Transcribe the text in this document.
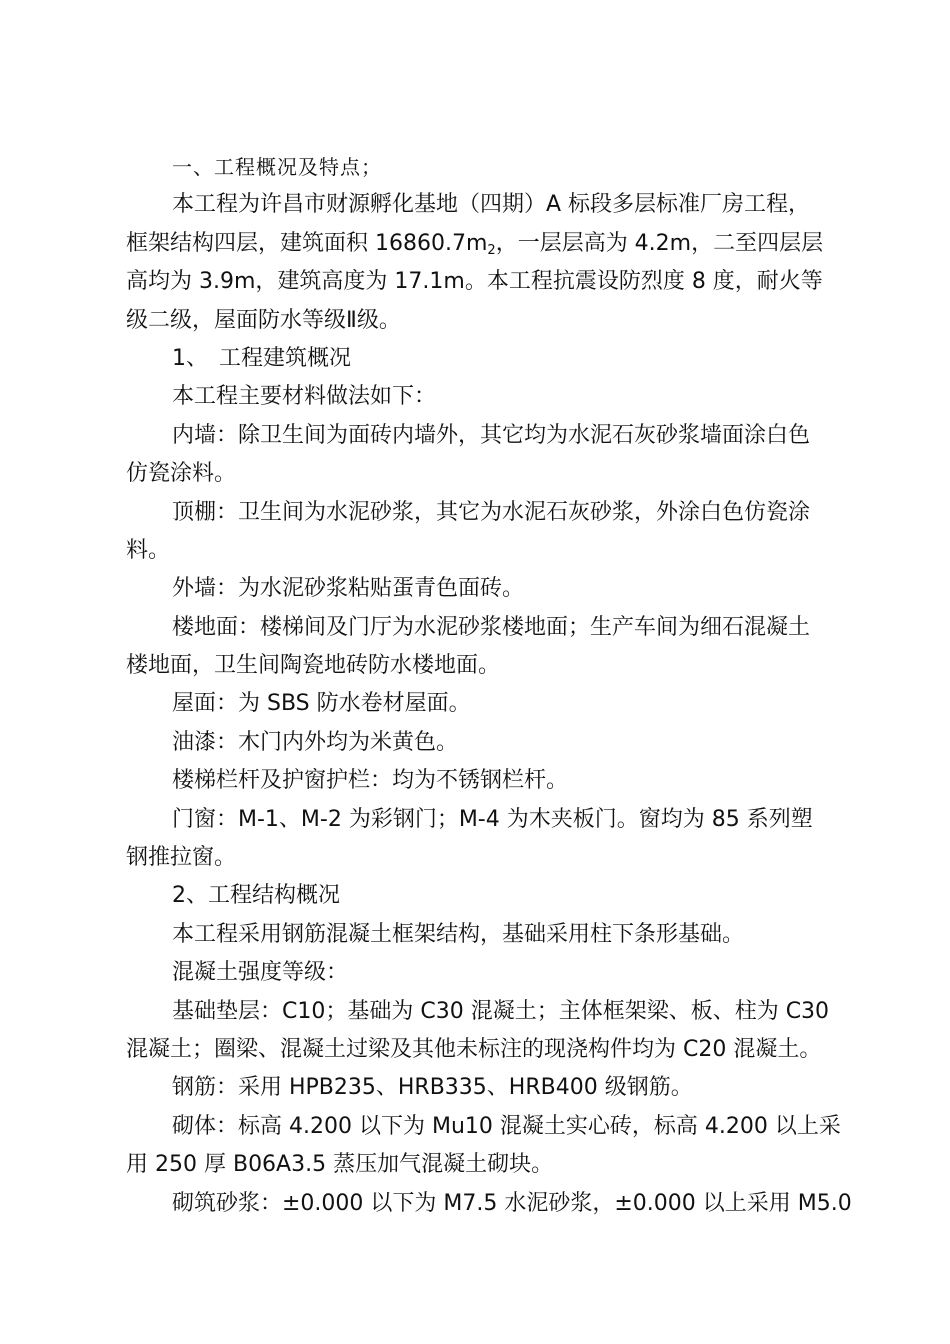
一、工程概况及特点；
本工程为许昌市财源孵化基地（四期）A 标段多层标准厂房工程，
框架结构四层，建筑面积 $16860.7m_2$，一层层高为 4.2m，二至四层层
高均为 3.9m，建筑高度为 17.1m。本工程抗震设防烈度 8 度，耐火等
级二级，屋面防水等级Ⅱ级。
1、　工程建筑概况
本工程主要材料做法如下：
内墙：除卫生间为面砖内墙外，其它均为水泥石灰砂浆墙面涂白色
仿瓷涂料。
顶棚：卫生间为水泥砂浆，其它为水泥石灰砂浆，外涂白色仿瓷涂
料。
外墙：为水泥砂浆粘贴蛋青色面砖。
楼地面：楼梯间及门厅为水泥砂浆楼地面；生产车间为细石混凝土
楼地面，卫生间陶瓷地砖防水楼地面。
屋面：为 SBS 防水卷材屋面。
油漆：木门内外均为米黄色。
楼梯栏杆及护窗护栏：均为不锈钢栏杆。
门窗：M-1、M-2 为彩钢门；M-4 为木夹板门。窗均为 85 系列塑
钢推拉窗。
2、工程结构概况
本工程采用钢筋混凝土框架结构，基础采用柱下条形基础。
混凝土强度等级：
基础垫层：C10；基础为 C30 混凝土；主体框架梁、板、柱为 C30
混凝土；圈梁、混凝土过梁及其他未标注的现浇构件均为 C20 混凝土。
钢筋：采用 HPB235、HRB335、HRB400 级钢筋。
砌体：标高 4.200 以下为 Mu10 混凝土实心砖，标高 4.200 以上采
用 250 厚 B06A3.5 蒸压加气混凝土砌块。
砌筑砂浆：±0.000 以下为 M7.5 水泥砂浆，±0.000 以上采用 M5.0
